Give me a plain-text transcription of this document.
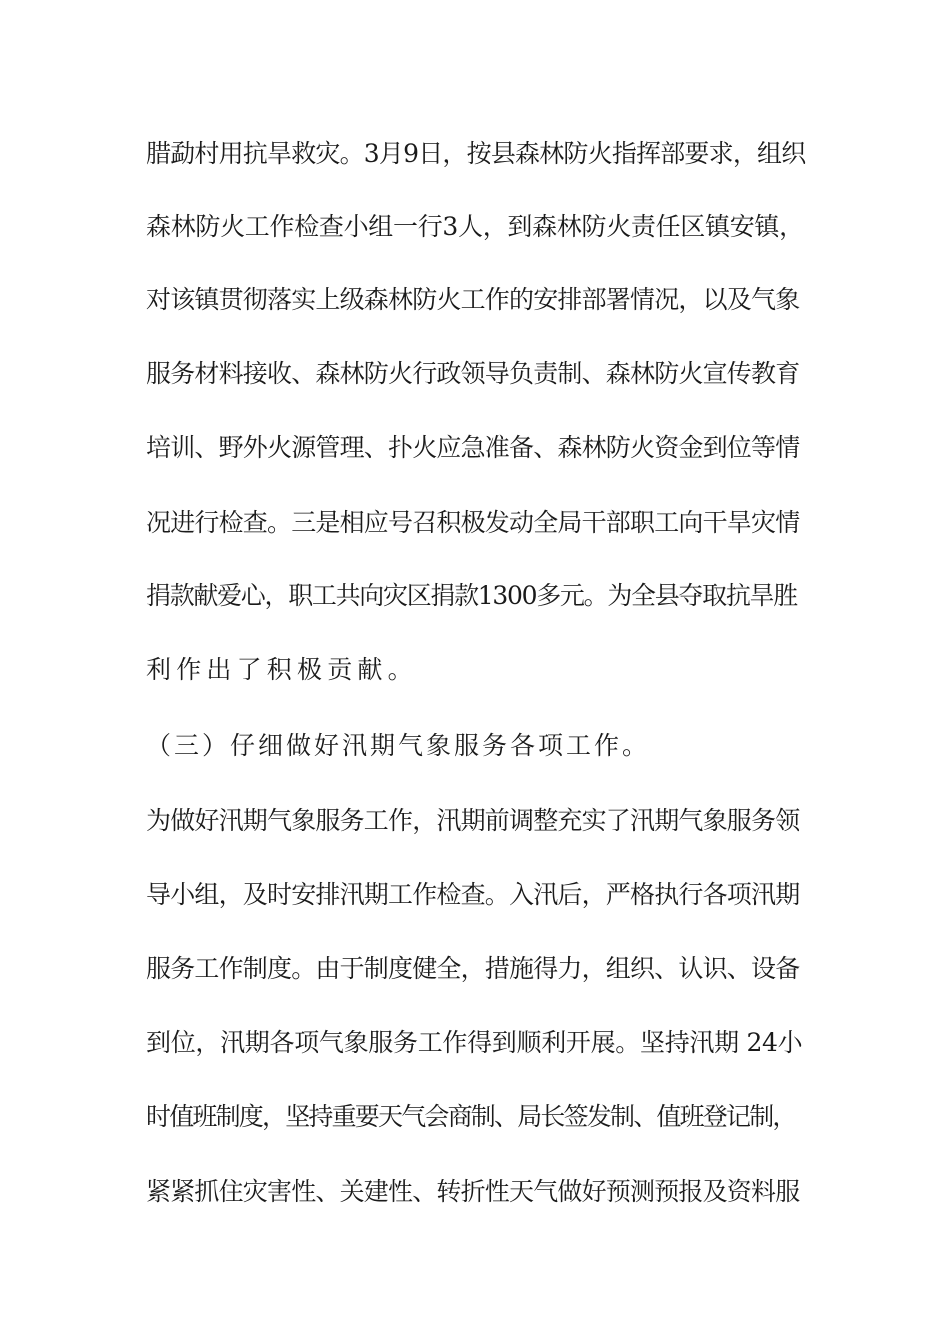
腊勐村用抗旱救灾。3月9日，按县森林防火指挥部要求，组织
森林防火工作检查小组一行3人，到森林防火责任区镇安镇，
对该镇贯彻落实上级森林防火工作的安排部署情况，以及气象
服务材料接收、森林防火行政领导负责制、森林防火宣传教育
培训、野外火源管理、扑火应急准备、森林防火资金到位等情
况进行检查。三是相应号召积极发动全局干部职工向干旱灾情
捐款献爱心，职工共向灾区捐款1300多元。为全县夺取抗旱胜
利作出了积极贡献。
（三）仔细做好汛期气象服务各项工作。
为做好汛期气象服务工作，汛期前调整充实了汛期气象服务领
导小组，及时安排汛期工作检查。入汛后，严格执行各项汛期
服务工作制度。由于制度健全，措施得力，组织、认识、设备
到位，汛期各项气象服务工作得到顺利开展。坚持汛期 24小
时值班制度，坚持重要天气会商制、局长签发制、值班登记制，
紧紧抓住灾害性、关建性、转折性天气做好预测预报及资料服
